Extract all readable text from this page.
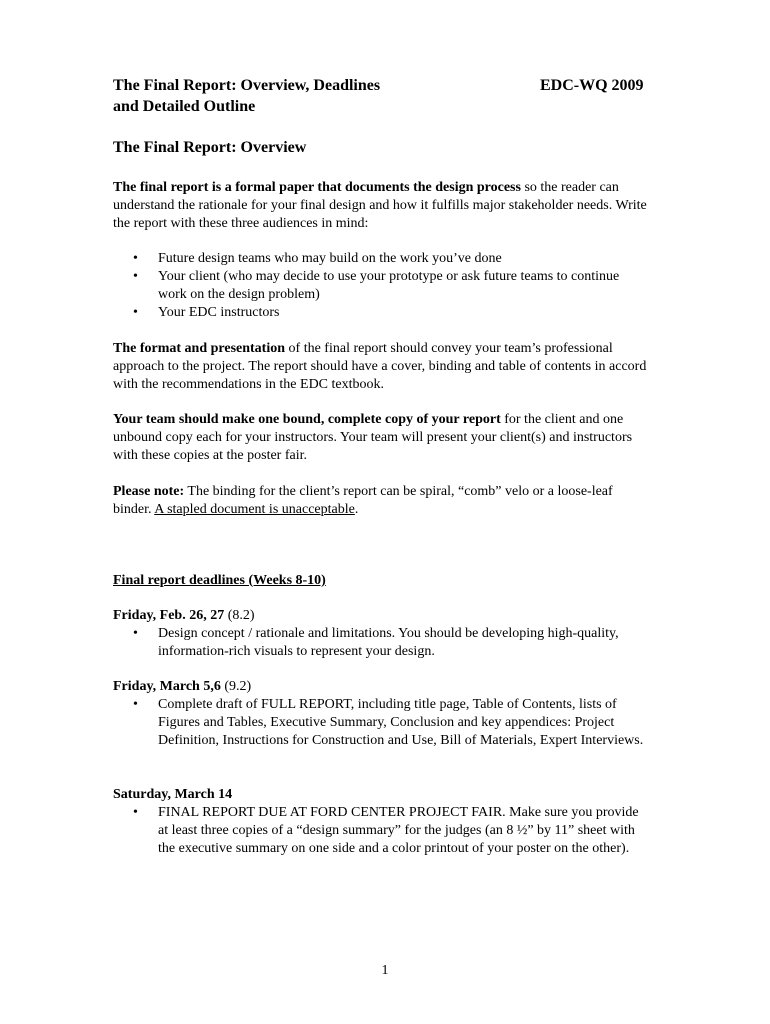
The Final Report: Overview, Deadlines
and Detailed Outline
EDC-WQ 2009
The Final Report: Overview

The final report is a formal paper that documents the design process so the reader can understand the rationale for your final design and how it fulfills major stakeholder needs. Write the report with these three audiences in mind:

• Future design teams who may build on the work you’ve done
• Your client (who may decide to use your prototype or ask future teams to continue work on the design problem)
• Your EDC instructors

The format and presentation of the final report should convey your team’s professional approach to the project. The report should have a cover, binding and table of contents in accord with the recommendations in the EDC textbook.

Your team should make one bound, complete copy of your report for the client and one unbound copy each for your instructors. Your team will present your client(s) and instructors with these copies at the poster fair.

Please note: The binding for the client’s report can be spiral, “comb” velo or a loose-leaf binder. A stapled document is unacceptable.

Final report deadlines (Weeks 8-10)

Friday, Feb. 26, 27 (8.2)

• Design concept / rationale and limitations. You should be developing high-quality, information-rich visuals to represent your design.

Friday, March 5,6 (9.2)

• Complete draft of FULL REPORT, including title page, Table of Contents, lists of Figures and Tables, Executive Summary, Conclusion and key appendices: Project Definition, Instructions for Construction and Use, Bill of Materials, Expert Interviews.

Saturday, March 14

• FINAL REPORT DUE AT FORD CENTER PROJECT FAIR. Make sure you provide at least three copies of a “design summary” for the judges (an 8 ½” by 11” sheet with the executive summary on one side and a color printout of your poster on the other).
1
